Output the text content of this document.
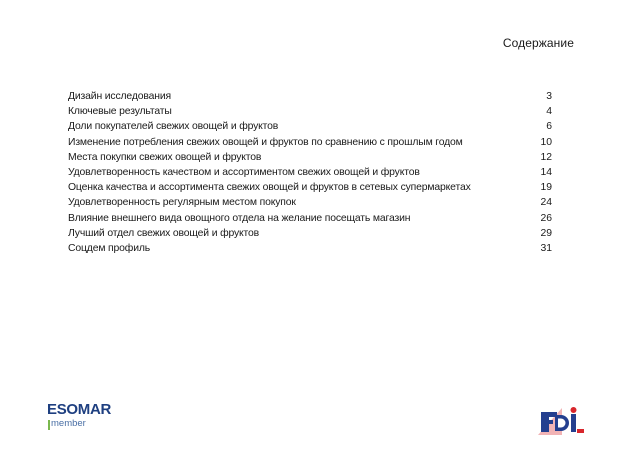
Содержание
Дизайн исследования	3
Ключевые результаты	4
Доли покупателей свежих овощей и фруктов	6
Изменение потребления свежих овощей и фруктов по сравнению с прошлым годом	10
Места покупки свежих овощей и фруктов	12
Удовлетворенность качеством и ассортиментом свежих овощей и фруктов	14
Оценка качества и ассортимента свежих овощей и фруктов в сетевых супермаркетах	19
Удовлетворенность регулярным местом покупок	24
Влияние внешнего вида овощного отдела на желание посещать магазин	26
Лучший отдел свежих овощей и фруктов	29
Соцдем профиль	31
ESOMAR
member
